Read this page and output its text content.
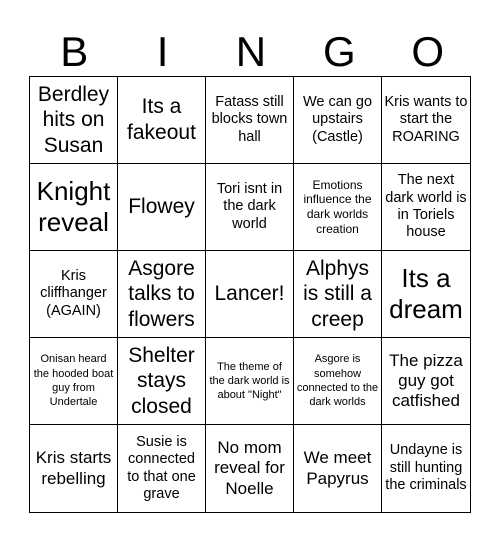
B	I	N	G	O
Berdley hits on Susan
Its a fakeout
Fatass still blocks town hall
We can go upstairs (Castle)
Kris wants to start the ROARING
Knight reveal
Flowey
Tori isnt in the dark world
Emotions influence the dark worlds creation
The next dark world is in Toriels house
Kris cliffhanger (AGAIN)
Asgore talks to flowers
Lancer!
Alphys is still a creep
Its a dream
Onisan heard the hooded boat guy from Undertale
Shelter stays closed
The theme of the dark world is about "Night"
Asgore is somehow connected to the dark worlds
The pizza guy got catfished
Kris starts rebelling
Susie is connected to that one grave
No mom reveal for Noelle
We meet Papyrus
Undayne is still hunting the criminals
